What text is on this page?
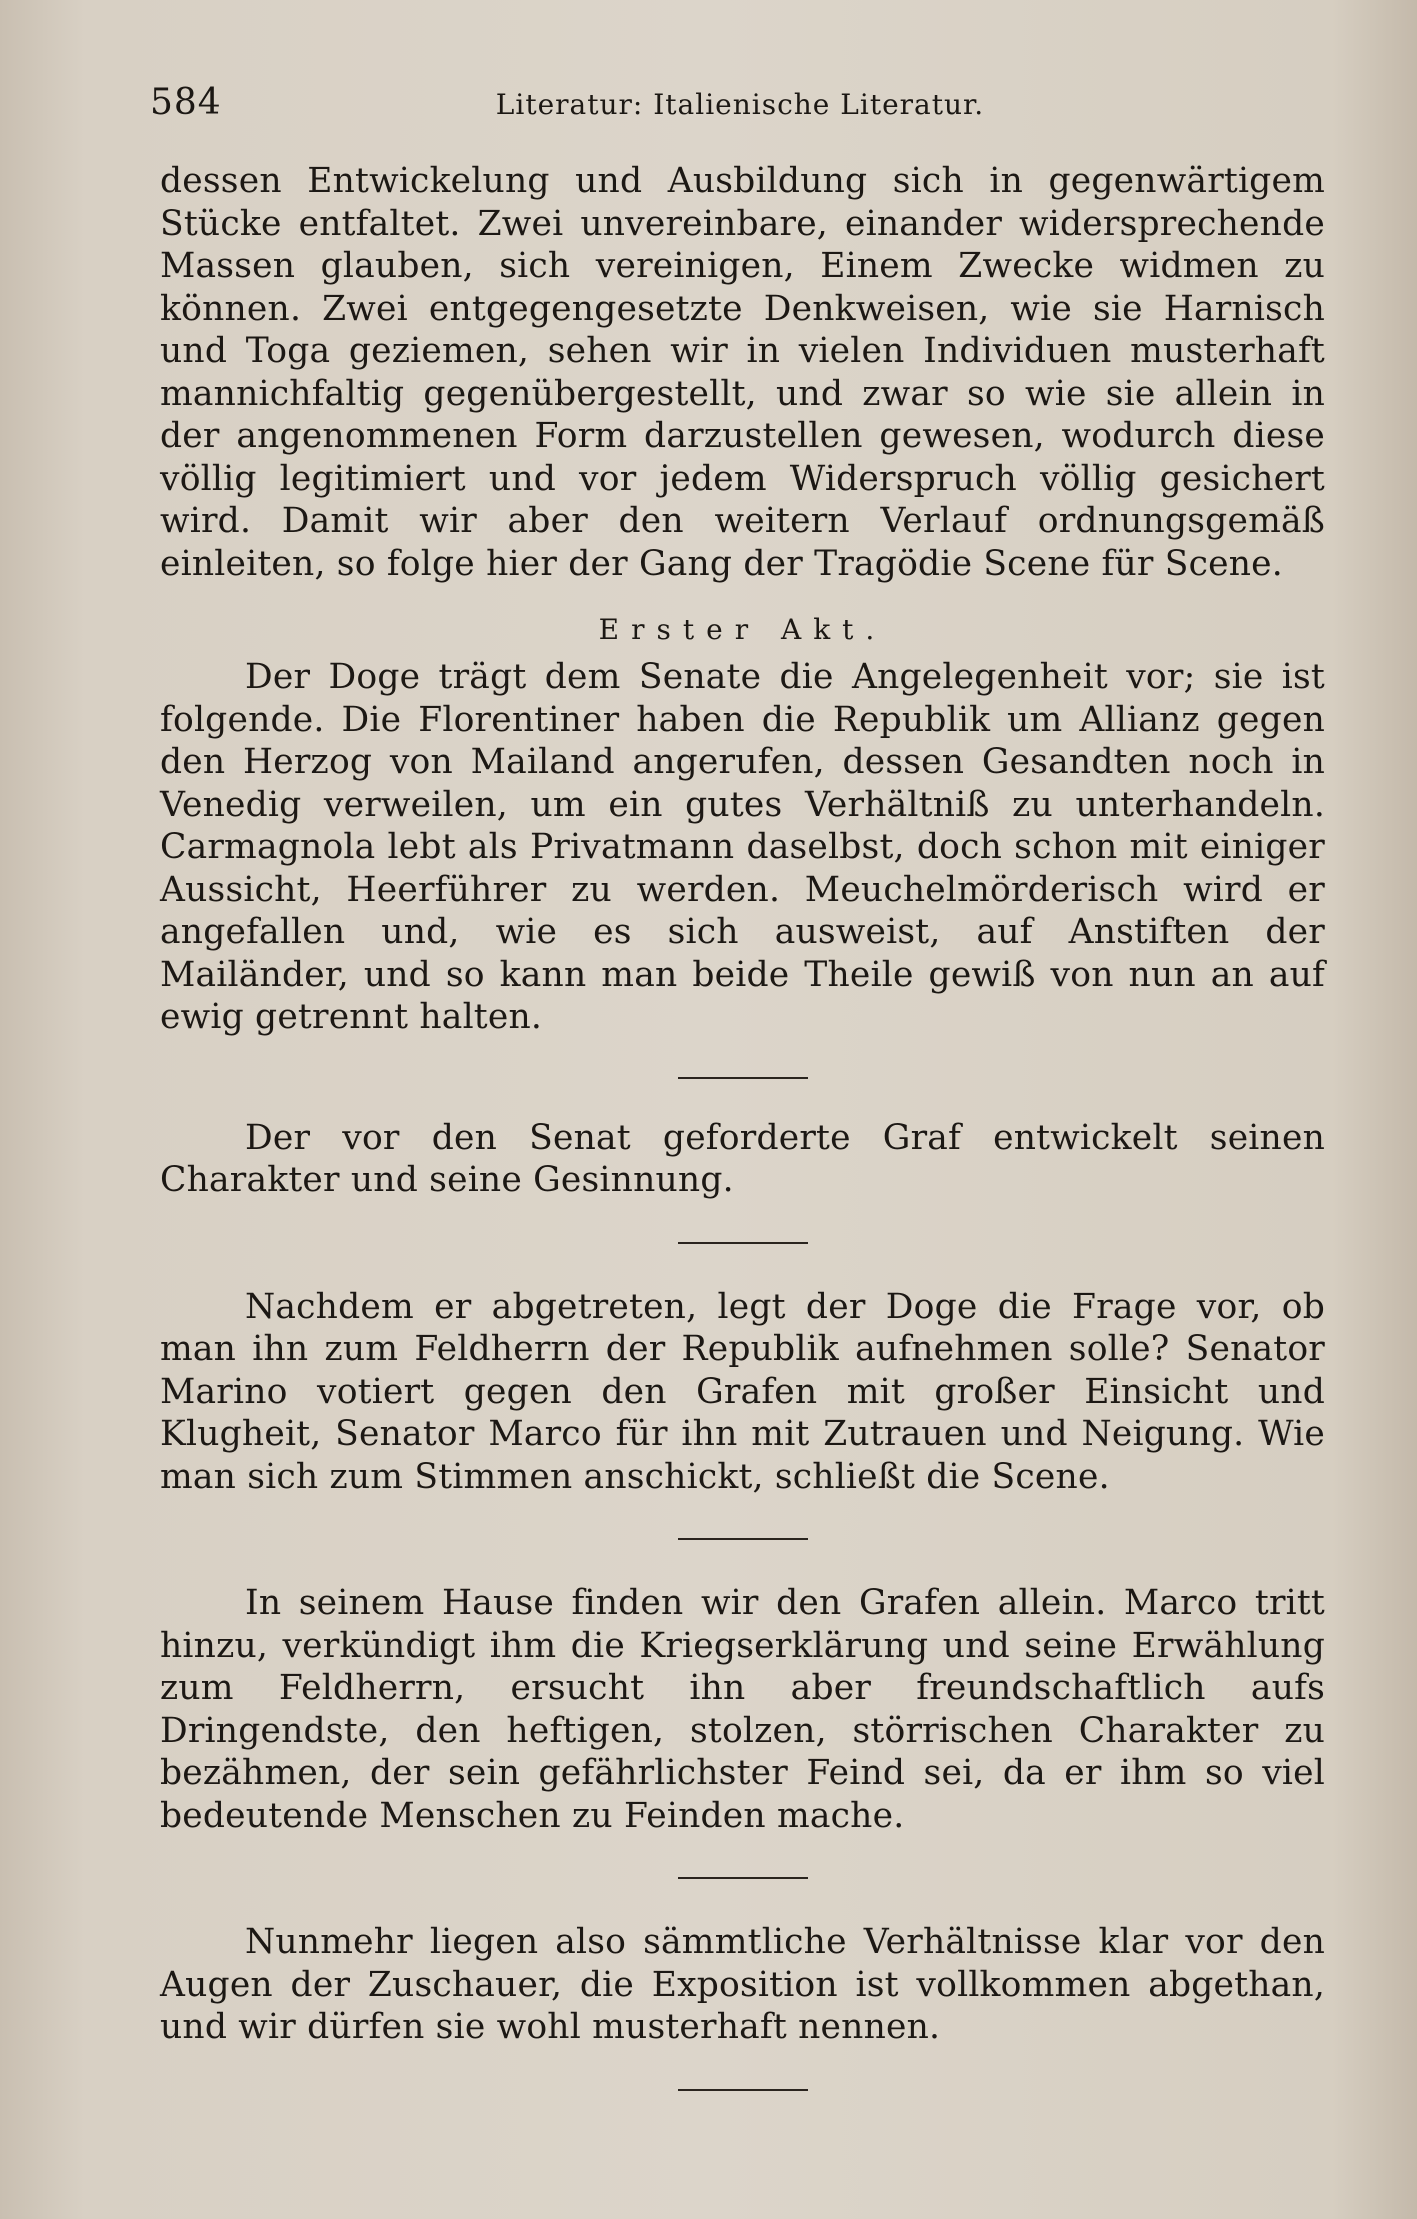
584	Literatur: Italienische Literatur.

dessen Entwickelung und Ausbildung sich in gegenwärtigem Stücke entfaltet. Zwei unvereinbare, einander widersprechende Massen glauben, sich vereinigen, Einem Zwecke widmen zu können. Zwei entgegengesetzte Denkweisen, wie sie Harnisch und Toga geziemen, sehen wir in vielen Individuen musterhaft mannichfaltig gegenübergestellt, und zwar so wie sie allein in der angenommenen Form darzustellen gewesen, wodurch diese völlig legitimiert und vor jedem Widerspruch völlig gesichert wird. Damit wir aber den weitern Verlauf ordnungsgemäß einleiten, so folge hier der Gang der Tragödie Scene für Scene.

Erster Akt.

Der Doge trägt dem Senate die Angelegenheit vor; sie ist folgende. Die Florentiner haben die Republik um Allianz gegen den Herzog von Mailand angerufen, dessen Gesandten noch in Venedig verweilen, um ein gutes Verhältniß zu unterhandeln. Carmagnola lebt als Privatmann daselbst, doch schon mit einiger Aussicht, Heerführer zu werden. Meuchelmörderisch wird er angefallen und, wie es sich ausweist, auf Anstiften der Mailänder, und so kann man beide Theile gewiß von nun an auf ewig getrennt halten.

Der vor den Senat geforderte Graf entwickelt seinen Charakter und seine Gesinnung.

Nachdem er abgetreten, legt der Doge die Frage vor, ob man ihn zum Feldherrn der Republik aufnehmen solle? Senator Marino votiert gegen den Grafen mit großer Einsicht und Klugheit, Senator Marco für ihn mit Zutrauen und Neigung. Wie man sich zum Stimmen anschickt, schließt die Scene.

In seinem Hause finden wir den Grafen allein. Marco tritt hinzu, verkündigt ihm die Kriegserklärung und seine Erwählung zum Feldherrn, ersucht ihn aber freundschaftlich aufs Dringendste, den heftigen, stolzen, störrischen Charakter zu bezähmen, der sein gefährlichster Feind sei, da er ihm so viel bedeutende Menschen zu Feinden mache.

Nunmehr liegen also sämmtliche Verhältnisse klar vor den Augen der Zuschauer, die Exposition ist vollkommen abgethan, und wir dürfen sie wohl musterhaft nennen.
